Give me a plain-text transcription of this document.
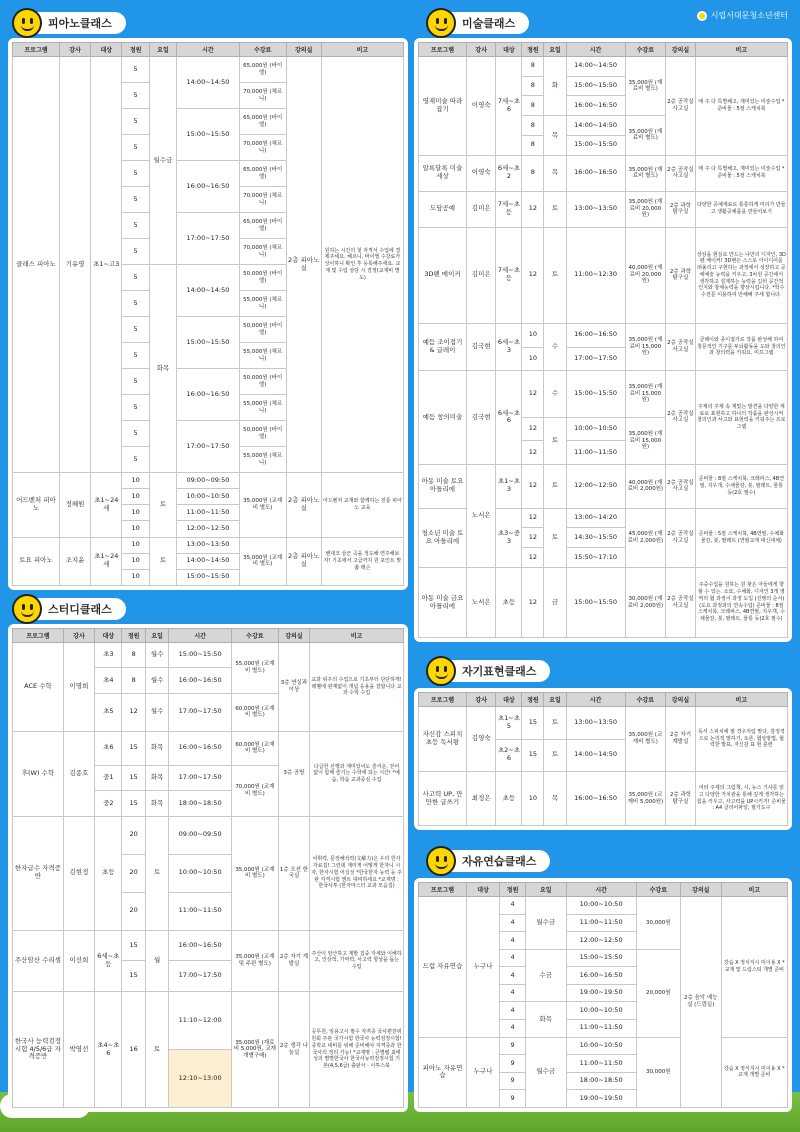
시립서대문청소년센터
피아노클래스
프로그램	강사	대상	정원	요일	시간	수강료	강의실	비고
클래스 피아노	기유영	초1~고3	5	월수금	14:00~14:50	65,000원 (바이엘)	2층 피아노실	원하는 시간의 첫 자격서 수업에 결제주세요. 혜르니, 바이엘 수강료가 상이하니 확인 후 등록해주세요. 교재 및 수업 상담 시 결정(교재비 별도)
			5			70,000원 (체르니)		
			5		15:00~15:50	65,000원 (바이엘)		
			5			70,000원 (체르니)		
			5		16:00~16:50	65,000원 (바이엘)		
			5			70,000원 (체르니)		
			5		17:00~17:50	65,000원 (바이엘)		
			5			70,000원 (체르니)		
			5	화목	14:00~14:50	50,000원 (바이엘)		
			5			55,000원 (체르니)		
			5		15:00~15:50	50,000원 (바이엘)		
			5			55,000원 (체르니)		
			5		16:00~16:50	50,000원 (바이엘)		
			5			55,000원 (체르니)		
			5		17:00~17:50	50,000원 (바이엘)		
			5			55,000원 (체르니)		
어드벤처 피아노	정혜원	초1~24세	10	토	09:00~09:50	35,000원 (교재비 별도)	2층 피아노실	어드벤처 교재와 함께하는 전통 피아노 교육
			10		10:00~10:50			
			10		11:00~11:50			
			10		12:00~12:50			
토요 피아노	조지윤	초1~24세	10	토	13:00~13:50	35,000원 (교재비 별도)	2층 피아노실	밴대코 삼군 곡을 정도해 연주해보자! 기초에서 고급까지 원 포인트 맞춤 레슨
			10		14:00~14:50			
			10		15:00~15:50			
스터디클래스
프로그램	강사	대상	정원	요일	시간	수강료	강의실	비고
ACE 수학	이명희	초3	8	월수	15:00~15:50	55,000원 (교재비 별도)	3층 연실과 이상	교과 위주의 수업으로 기초부터 단단하게! 레벨에 관계없이 개념 응용을 잘합니다 교과 수학 수업
		초4	8	월수	16:00~16:50			
		초5	12	월수	17:00~17:50	60,000원 (교재비 별도)		
후(W) 수학	김종호	초6	15	화목	16:00~16:50	60,000원 (교재비 별도)	3층 공방	다급한 선행과 재미있어도 즐거운, 걷어 없이 함께 즐기는 수학에 되는 시간! *예습, 학습 교과중심 수업
		중1	15	화목	17:00~17:50	70,000원 (교재비 별도)		
		중2	15	화목	18:00~18:50			
한자급수 자격증반	김현정	초등	20	토	09:00~09:50	35,000원 (교재비 별도)	1층 오션 한국실	어휘력, 문장해석력(文解力)은 우리 한자 자료집! 그런데 재미게 어떻게 한자니 시자, 한자시험 어실성 *한국한자 능력 등 주관 자격시험 앤트 대비하세요 *교재명 : 한국사투 (한자마스터 교과 모음집)
			20		10:00~10:50			
			20		11:00~11:50			
주산암산 수리셈	이선희	6세~초등	15	월	16:00~16:50	35,000원 (교재 및 주판 별도)	2층 자기 계발실	주산이 암산하고 계발 집중 자세와 이해하고, 인상적, 기억력, 사고력 향상을 돕는 수업
			15		17:00~17:50			
한국사 능력검정시험 4/5/6급 자격증반	박영선	초4~초6	16	토	11:10~12:00	35,000원 (재료비 5,000원, 교재 개별구매)	2층 생각 나눔실	공무원, 임용고시 필수 자격증 국사편찬위원회 주관 국가시험 한국사 능력검정시험! 중학교 대비를 위해 준비해야 자격증과 한국사의 정리 가능! *교재명 : 큰별쌤 최태성의 별별한국사 한국사능력검정시험 기본(4,5,6급) 출판사 - 이투스북
					12:10~13:00			
미술클래스
프로그램	강사	대상	정원	요일	시간	수강료	강의실	비고
영재미술 따라잡기	이영숙	7세~초6	8	화	14:00~14:50	35,000원 (재료비 별도)	2층 공작실 사고실	매 주 다 특별해고, 재미있는 미술수업 *준비물 : 5절 스케치북
			8		15:00~15:50			
			8		16:00~16:50			
			8	목	14:00~14:50	35,000원 (재료비 별도)		
			8		15:00~15:50			
알록달록 미술세상	이영숙	6세~초2	8	목	16:00~16:50	35,000원 (재료비 별도)	2층 공작실 사고실	매 주 다 특별해고, 재미있는 미술수업 *준비물 : 5절 스케치북
도담공예	김미은	7세~초등	12	토	13:00~13:50	35,000원 (재료비 20,000원)	2층 과학 탐구실	다양한 공예재료로 통통하게 미리가 만들고 생활공예품을 만들어보기
3D펜 메이커	김미은	7세~초등	12	토	11:00~12:30	40,000원 (재료비 20,000원)	2층 과학 탐구실	상상을 현실로 만드는 나만의 디자인, 3D펜 메이커! 3D펜은 스스로 아이디어를 떠올리고 구현하는 과정에서 성장하고 공예예술 능력을 키우고, 3차원 공간에서 생각하고 설계하는 능력을 길러 공간적 인지와 창체능력을 향상시킵니다. *학수수전문 이용하여 만해해 주세 합니다.
예듬 조이접기 & 글레이	김국현	6세~초3	10	수	16:00~16:50	35,000원 (재료비 15,000원)	2층 공작실 사고실	클레이와 종이접기로 작품 완성해 하여 창문적인 기구를 두뇌활동을 도와 창의인과 창의력을 키워요. 미프그램
			10		17:00~17:50			
예듬 창의미술	김국현	6세~초6	12	수	15:00~15:50	35,000원 (재료비 15,000원)	2층 공작실 사고실	주제의 주제 속 재밌는 발견을 다양한 재료로 표현하고 하나의 작품을 완성시켜 창의인과 사고와 표현력을 키워주는 프로그램
			12	토	10:00~10:50	35,000원 (재료비 15,000원)		
			12		11:00~11:50			
아동 미술 토요 아틀리에	노서은	초1~초3	12	토	12:00~12:50	40,000원 (재료비 2,000원)	2층 공작실 사고실	준비물 : 8절 스케치북, 크레파스, 4B연필, 지우개, 수채물감, 붓, 팔레트, 물통 등(2호 필수)
청소년 미술 토요 아틀리에		초3~중3	12	토	13:00~14:20	45,000원 (재료비 2,000원)	2층 공작실 사고실	준비물 : 5절 스케치북, 4B연필, 수채화물감, 붓, 팔레트 (연필교재 대신대체)
			12		14:30~15:50			
			12		15:50~17:10			
아동 미술 금요 아틀리에	노서은	초등	12	금	15:00~15:50	30,000원 (재료비 2,000원)	2층 공작실 사고실	주중수업을 원하는 원 찾은 아들에게 향 할 수 있는. 소묘, 수채화, 디자인 3개 영역의 협 과정이 과정 도입 (진행의 순서) (도요 과정과의 연속수업) 준비물 : 8절 스케치북, 크레파스, 4B연필, 지우개, 수채물감, 붓, 팔레트, 물통 등(2호 필수)
자기표현클래스
프로그램	강사	대상	정원	요일	시간	수강료	강의실	비고
자신감 스피치 초등 독서왕	김영숙	초1~초5	15	토	13:00~13:50	35,000원 (교재비 별도)	2층 자기 계발실	독서 스피치에 필 경우처럼 맞다, 감정적으로 논리적 말하기, 토론, 협상방법, 협력한 발표, 자신감 표 현 훈련
		초2~초6	15	토	14:00~14:50			
사고력 UP, 만만한 글쓰기	최정은	초등	10	목	16:00~16:50	35,000원 (교재비 5,000원)	2층 과학 탐구실	여러 주제의 그림책, 시, 뉴스 기사를 읽고 다양한 가치관을 통해 깊게 생각하는 힘을 키우고, 사고력을 UP시키기! 준비물 : A4 클리어파일, 필기도구
자유연습클래스
프로그램	대상	정원	요일	시간	수강료	강의실	비고
드럼 자유연습	누구나	4	월수금	10:00~10:50	30,000원	2층 음악 예능실 (드럼실)	강습 X 정식지시 미이용 X *교재 및 드럼스틱 개별 준비
		4		11:00~11:50			
		4		12:00~12:50			
		4	수금	15:00~15:50	20,000원		
		4		16:00~16:50			
		4		19:00~19:50			
		4	화목	10:00~10:50			
		4		11:00~11:50			
피아노 자유연습	누구나	9	월수금	10:00~10:50	30,000원		강습 X 정식지시 미이용 X *교재 개별 준비
		9		11:00~11:50			
		9		18:00~18:50			
		9		19:00~19:50			
